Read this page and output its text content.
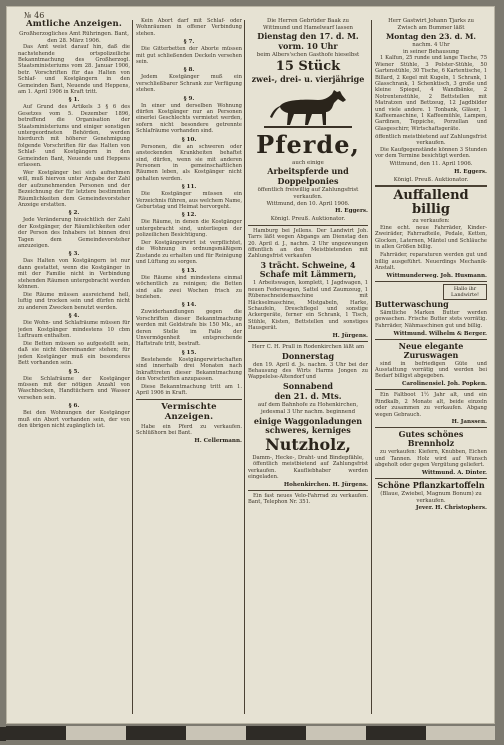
№ 46
Amtliche Anzeigen.
Großherzogliches Amt Rühringen. Bant, den 28. März 1906.
Das Amt weist darauf hin, daß die nachstehende ortspolizeiliche Bekanntmachung des Großherzogl. Staatsministeriums vom 28. Januar 1906, betr. Vorschriften für das Halten von Schlaf- und Kostgängern in den Gemeinden Bant, Neuende und Heppens, am 1. April 1906 in Kraft tritt.
§ 1.
Auf Grund des Artikels 3 § 6 des Gesetzes vom 5. Dezember 1896, betreffend die Organisation der Staatsministeriums und einiger sonstigen untergeordneten Behörden, werden hierdurch mit höherer Genehmigung folgende Vorschriften für das Halten von Schlaf- und Kostgängern in den Gemeinden Bant, Neuende und Heppens erlassen.
Wer Kostgänger bei sich aufnehmen will, muß hiervon unter Angabe der Zahl der aufzunehmenden Personen und der Bezeichnung der für letztere bestimmten Räumlichkeiten dem Gemeindevorsteher Anzeige erstatten.
§ 2.
Jede Veränderung hinsichtlich der Zahl der Kostgänger, der Räumlichkeiten oder der Person des Inhabers ist binnen drei Tagen dem Gemeindevorsteher anzuzeigen.
§ 3.
Das Halten von Kostgängern ist nur dann gestattet, wenn die Kostgänger in mit der Familie nicht in Verbindung stehenden Räumen untergebracht werden können.
Die Räume müssen ausreichend hell, luftig und trocken sein und dürfen nicht zu anderen Zwecken benutzt werden.
§ 4.
Die Wohn- und Schlafräume müssen für jeden Kostgänger mindestens 10 cbm Luftraum enthalten.
Die Betten müssen so aufgestellt sein, daß sie nicht übereinander stehen; für jeden Kostgänger muß ein besonderes Bett vorhanden sein.
§ 5.
Die Schlafräume der Kostgänger müssen mit der nötigen Anzahl von Waschbecken, Handtüchern und Wasser versehen sein.
§ 6.
Bei den Wohnungen der Kostgänger muß ein Abort vorhanden sein, der von den übrigen nicht zugänglich ist.
Kein Abort darf mit Schlaf- oder Wohnräumen in offener Verbindung stehen.
§ 7.
Die Gitterbetten der Aborte müssen mit gut schließenden Deckeln versehen sein.
§ 8.
Jedem Kostgänger muß ein verschließbarer Schrank zur Verfügung stehen.
§ 9.
In einer und derselben Wohnung dürfen Kostgänger nur an Personen einerlei Geschlechts vermietet werden, sofern nicht besondere getrennte Schlafräume vorhanden sind.
§ 10.
Personen, die an schweren oder ansteckenden Krankheiten behaftet sind, dürfen, wenn sie mit anderen Personen in gemeinschaftlichen Räumen leben, als Kostgänger nicht gehalten werden.
§ 11.
Die Kostgänger müssen ein Verzeichnis führen, aus welchem Name, Geburtstag und Heimat hervorgeht.
§ 12.
Die Räume, in denen die Kostgänger untergebracht sind, unterliegen der polizeilichen Besichtigung.
Der Kostgängerwirt ist verpflichtet, die Wohnung in ordnungsmäßigem Zustande zu erhalten und für Reinigung und Lüftung zu sorgen.
§ 13.
Die Räume sind mindestens einmal wöchentlich zu reinigen; die Betten sind alle zwei Wochen frisch zu beziehen.
§ 14.
Zuwiderhandlungen gegen die Vorschriften dieser Bekanntmachung werden mit Geldstrafe bis 150 Mk., an deren Stelle im Falle der Unvermögenheit entsprechende Haftstrafe tritt, bestraft.
§ 15.
Bestehende Kostgängerwirtschaften sind innerhalb drei Monaten nach Inkrafttreten dieser Bekanntmachung den Vorschriften anzupassen.
Diese Bekanntmachung tritt am 1. April 1906 in Kraft.
Vermischte Anzeigen.
Habe ein Pferd zu verkaufen. Schlüßhorn bei Bant.
H. Cellermann.
Die Herren Gebrüder Baak zu
Wittmund und Hamelwarf lassen
Dienstag den 17. d. M.
vorm. 10 Uhr
beim Albers'schen Gasthofe hieselbst
15 Stück
zwei-, drei- u. vierjährige
Pferde,
auch einige
Arbeitspferde und
Doppelponies
öffentlich freiwillig auf Zahlungsfrist verkaufen.
Wittmund, den 10. April 1906.
H. Eggers.
Königl. Preuß. Auktionator.
Hamburg bei Jellens. Der Landwirt Joh. Tarrs läßt wegen Abgangs am Dienstag den 20. April d. J., nachm. 2 Uhr ungezwungen öffentlich an den Meistbietenden mit Zahlungsfrist verkaufen
3 trächt. Schweine, 4 Schafe mit Lämmern,
1 Arbeitswagen, komplett, 1 Jagdwagen, 1 neuen Federwagen, Sattel und Zaumzeug, 1 Rübenschneidemaschine mit Häckselmaschine, Mistgabeln, Harke, Schaufeln, Dreschflegel und sonstige Ackergeräte, ferner ein Schrank, 1 Tisch, Stühle, Kisten, Bettstellen und sonstiges Hausgerät.
H. Jürgens.
Herr C. H. Prall in Rodenkirchen läßt am
Donnerstag
den 19. April d. Js. nachm. 3 Uhr bei der Behausung des Wirts Harms Jongen zu Wappelelse-Altendorf und
Sonnabend
den 21. d. Mts.
auf dem Bahnhofe zu Hohenkirchen, jedesmal 3 Uhr nachm. beginnend
einige Waggonladungen schweres, kerniges
Nutzholz,
Damm-, Hecke-, Draht- und Bindepfähle,
öffentlich meistbietend auf Zahlungsfrist verkaufen. Kaufliebhaber werden eingeladen.
Hohenkirchen. H. Jürgens.
Ein fast neues Velo-Fahrrad zu verkaufen. Bant, Telephon Nr. 351.
Herr Gastwirt Johann Tjarks zu
Zwisch am Bummer läßt
Montag den 23. d. M.
nachm. 4 Uhr
in seiner Behausung
1 Kalfun, 25 runde und lange Tische, 75 Wiener Stühle, 3 Polster-Stühle, 50 Gartenstühle, 30 Tische, 6 Kartentische, 1 Billard, 2 Kegel mit Kugeln, 1 Schrank, 1 Glasschrank, 1 Schenktisch, 3 große und kleine Spiegel, 4 Wandbänke, 2 Notrentenstühle, 2 Bettstellen mit Matratzen und Bettzeug, 12 Jagdbilder und viele andere. 1 Tonbank, Gläser, 1 Kaffeemaschine, 1 Kaffeemühle, Lampen, Gardinen, Teppiche, Porzellan und Glasgeschirr, Wirtschaftsgeräte.
öffentlich meistbietend auf Zahlungsfrist verkaufen.
Die Kaufgegenstände können 3 Stunden vor dem Termine besichtigt werden.
Wittmund, den 11. April 1906.
H. Eggers.
Königl. Preuß. Auktionator.
Auffallend billig
zu verkaufen:
Eine echt. neue Fahrräder, Kinder-Zweiräder, Fahrradteile, Pedale, Ketten, Glocken, Laternen, Mäntel und Schläuche in allen Größen billig.
Fahrräder, reparaturen werden gut und billig ausgeführt. Neuerdings Mechanik-Anstalt.
Wittmunderweg. Joh. Husmann.
Hallo ihr Landwirte!
Butterwaschung
Sämtliche Marken Butter werden gewaschen. Frische Butter stets vorrätig. Fahrräder, Nähmaschinen gut und billig.
Wittmund. Wilhelm & Berger.
Neue elegante Zuruswagen
sind in befriedigen Güte und Ausstattung vorrätig und werden bei Bedarf billigst abgegeben.
Carolinensiel. Joh. Popken.
Ein Faltboot 1½ Jahr alt, und ein Rindkalb, 2 Monate alt, beide einzeln oder zusammen zu verkaufen. Abgang wegen Gebrauch.
H. Janssen.
Gutes schönes Brennholz
zu verkaufen: Kiefern, Knubben, Eichen und Tannen. Holz wird auf Wunsch abgeholt oder gegen Vergütung geliefert.
Wittmund. A. Dinter.
Schöne Pflanzkartoffeln
(Blaue, Zwiebel, Magnum Bonum) zu verkaufen.
Jever. H. Christophers.
